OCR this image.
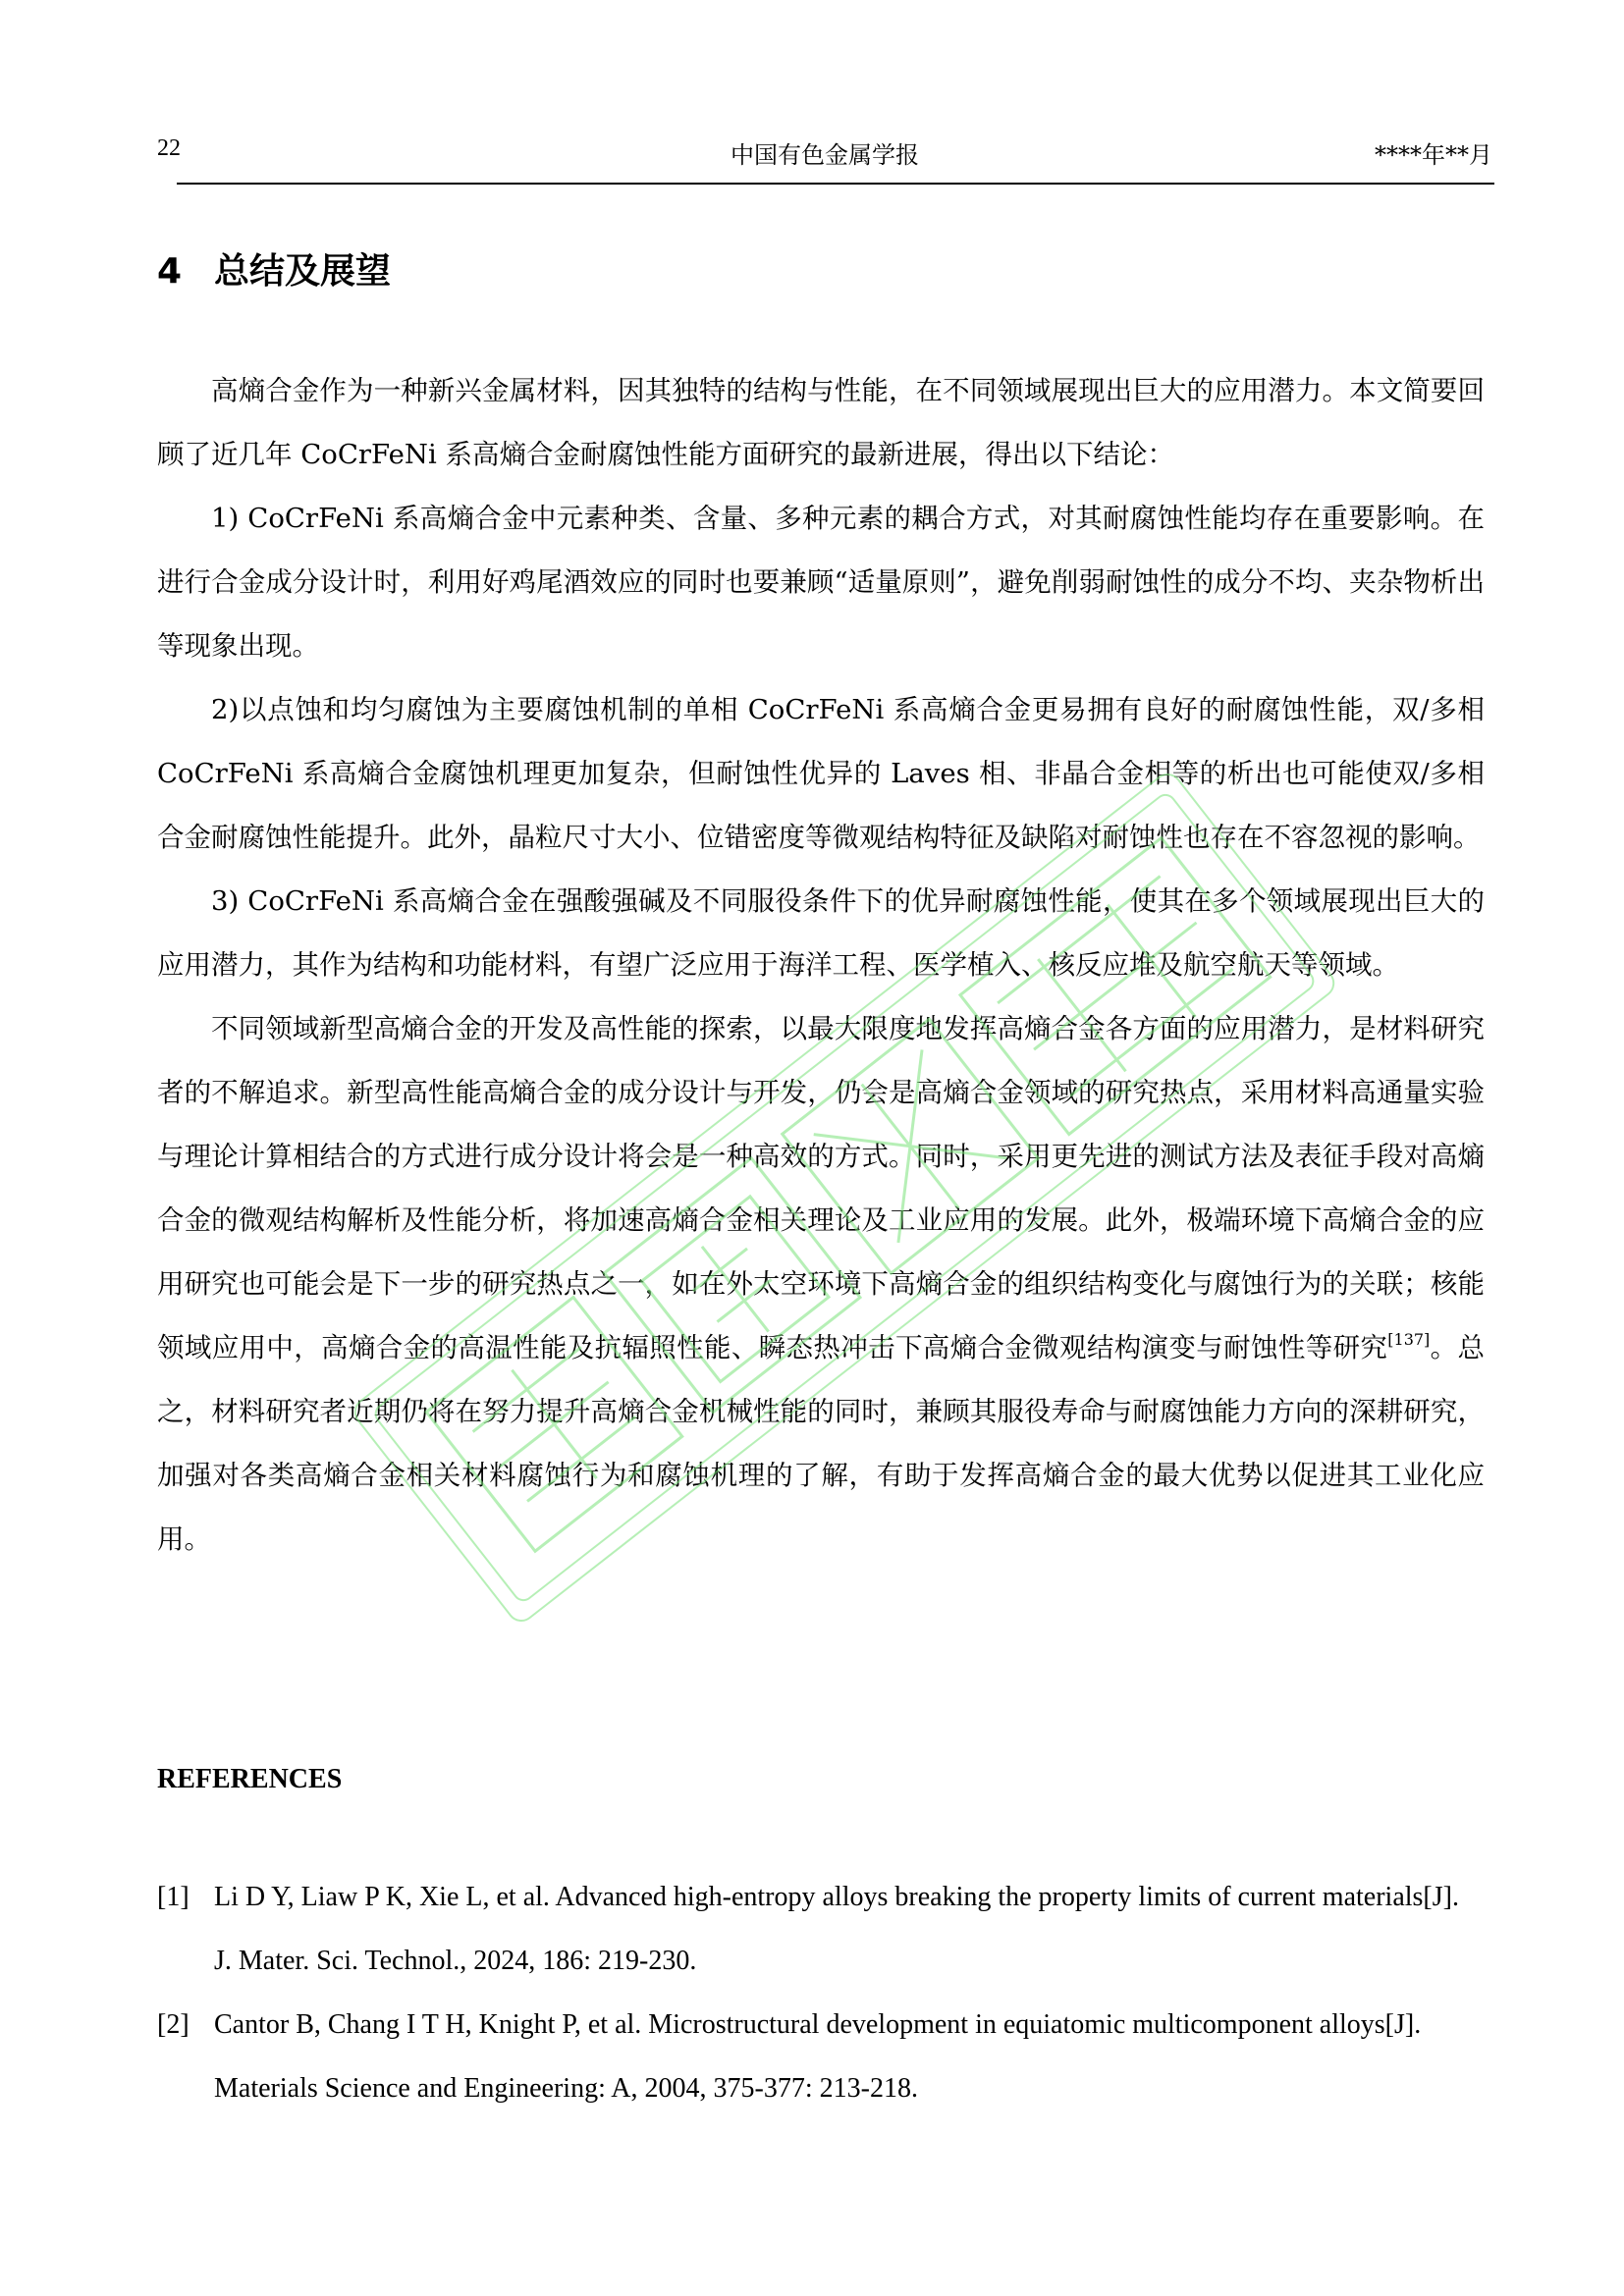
22	中国有色金属学报	****年**月
4 总结及展望

高熵合金作为一种新兴金属材料，因其独特的结构与性能，在不同领域展现出巨大的应用潜力。本文简要回顾了近几年 CoCrFeNi 系高熵合金耐腐蚀性能方面研究的最新进展，得出以下结论：

1) CoCrFeNi 系高熵合金中元素种类、含量、多种元素的耦合方式，对其耐腐蚀性能均存在重要影响。在进行合金成分设计时，利用好鸡尾酒效应的同时也要兼顾“适量原则”，避免削弱耐蚀性的成分不均、夹杂物析出等现象出现。

2)以点蚀和均匀腐蚀为主要腐蚀机制的单相 CoCrFeNi 系高熵合金更易拥有良好的耐腐蚀性能，双/多相 CoCrFeNi 系高熵合金腐蚀机理更加复杂，但耐蚀性优异的 Laves 相、非晶合金相等的析出也可能使双/多相合金耐腐蚀性能提升。此外，晶粒尺寸大小、位错密度等微观结构特征及缺陷对耐蚀性也存在不容忽视的影响。

3) CoCrFeNi 系高熵合金在强酸强碱及不同服役条件下的优异耐腐蚀性能，使其在多个领域展现出巨大的应用潜力，其作为结构和功能材料，有望广泛应用于海洋工程、医学植入、核反应堆及航空航天等领域。

不同领域新型高熵合金的开发及高性能的探索，以最大限度地发挥高熵合金各方面的应用潜力，是材料研究者的不解追求。新型高性能高熵合金的成分设计与开发，仍会是高熵合金领域的研究热点，采用材料高通量实验与理论计算相结合的方式进行成分设计将会是一种高效的方式。同时，采用更先进的测试方法及表征手段对高熵合金的微观结构解析及性能分析，将加速高熵合金相关理论及工业应用的发展。此外，极端环境下高熵合金的应用研究也可能会是下一步的研究热点之一，如在外太空环境下高熵合金的组织结构变化与腐蚀行为的关联；核能领域应用中，高熵合金的高温性能及抗辐照性能、瞬态热冲击下高熵合金微观结构演变与耐蚀性等研究[137]。总之，材料研究者近期仍将在努力提升高熵合金机械性能的同时，兼顾其服役寿命与耐腐蚀能力方向的深耕研究，加强对各类高熵合金相关材料腐蚀行为和腐蚀机理的了解，有助于发挥高熵合金的最大优势以促进其工业化应用。

REFERENCES
[1] Li D Y, Liaw P K, Xie L, et al. Advanced high-entropy alloys breaking the property limits of current materials[J].
J. Mater. Sci. Technol., 2024, 186: 219-230.
[2] Cantor B, Chang I T H, Knight P, et al. Microstructural development in equiatomic multicomponent alloys[J].
Materials Science and Engineering: A, 2004, 375-377: 213-218.
